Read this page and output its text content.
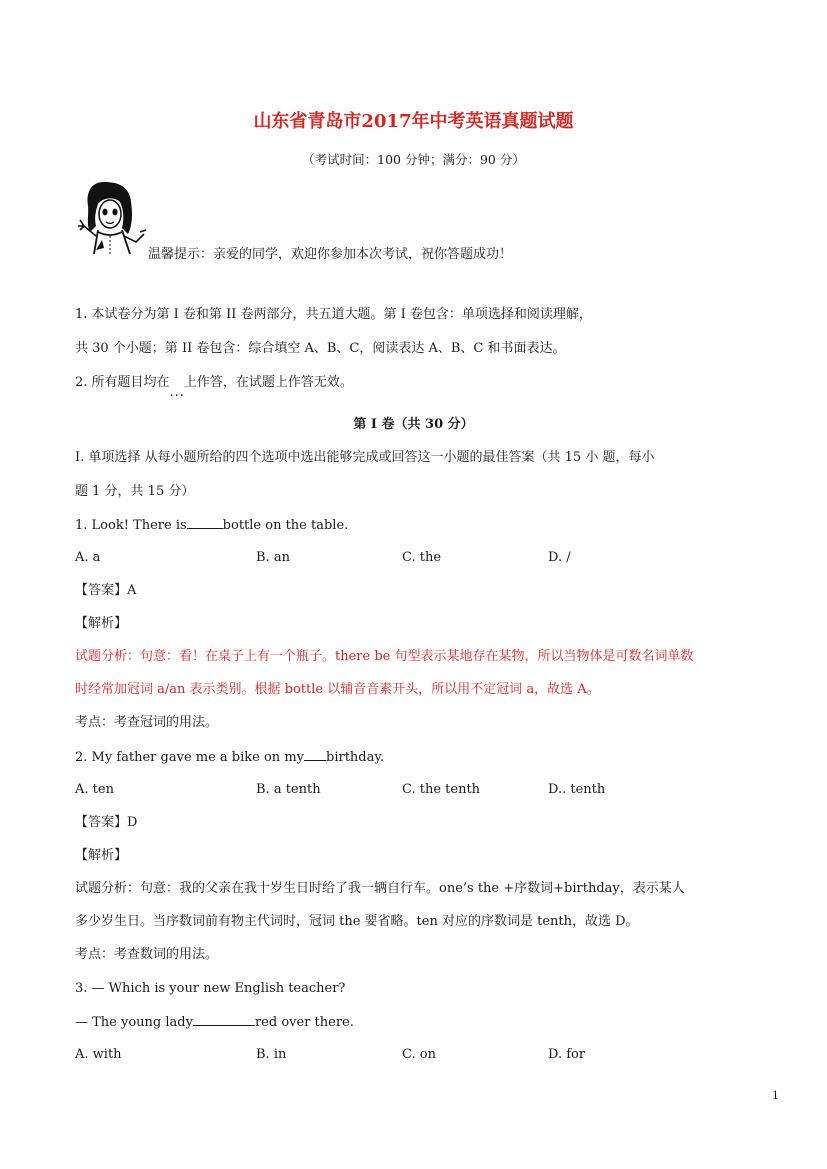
山东省青岛市2017年中考英语真题试题
（考试时间：100 分钟；满分：90 分）
温馨提示：亲爱的同学，欢迎你参加本次考试，祝你答题成功！
1. 本试卷分为第 I 卷和第 II 卷两部分，共五道大题。第 I 卷包含：单项选择和阅读理解，
共 30 个小题；第 II 卷包含：综合填空 A、B、C，阅读表达 A、B、C 和书面表达。
2. 所有题目均在   ... 上作答，在试题上作答无效。
第 I 卷（共 30 分）
I. 单项选择 从每小题所给的四个选项中选出能够完成或回答这一小题的最佳答案（共 15 小 题，每小
题 1 分，共 15 分）
1. Look! There is	bottle on the table.
A. a	B. an	C. the	D. /
【答案】A
【解析】
试题分析：句意：看！在桌子上有一个瓶子。there be 句型表示某地存在某物，所以当物体是可数名词单数
时经常加冠词 a/an 表示类别。根据 bottle 以辅音音素开头，所以用不定冠词 a，故选 A。
考点：考查冠词的用法。
2. My father gave me a bike on my birthday.
A. ten	B. a tenth	C. the tenth	D.. tenth
【答案】D
【解析】
试题分析：句意：我的父亲在我十岁生日时给了我一辆自行车。one’s the +序数词+birthday，表示某人
多少岁生日。当序数词前有物主代词时，冠词 the 要省略。ten 对应的序数词是 tenth，故选 D。
考点：考查数词的用法。
3. — Which is your new English teacher?
— The young lady	red over there.
A. with	B. in	C. on	D. for
1
